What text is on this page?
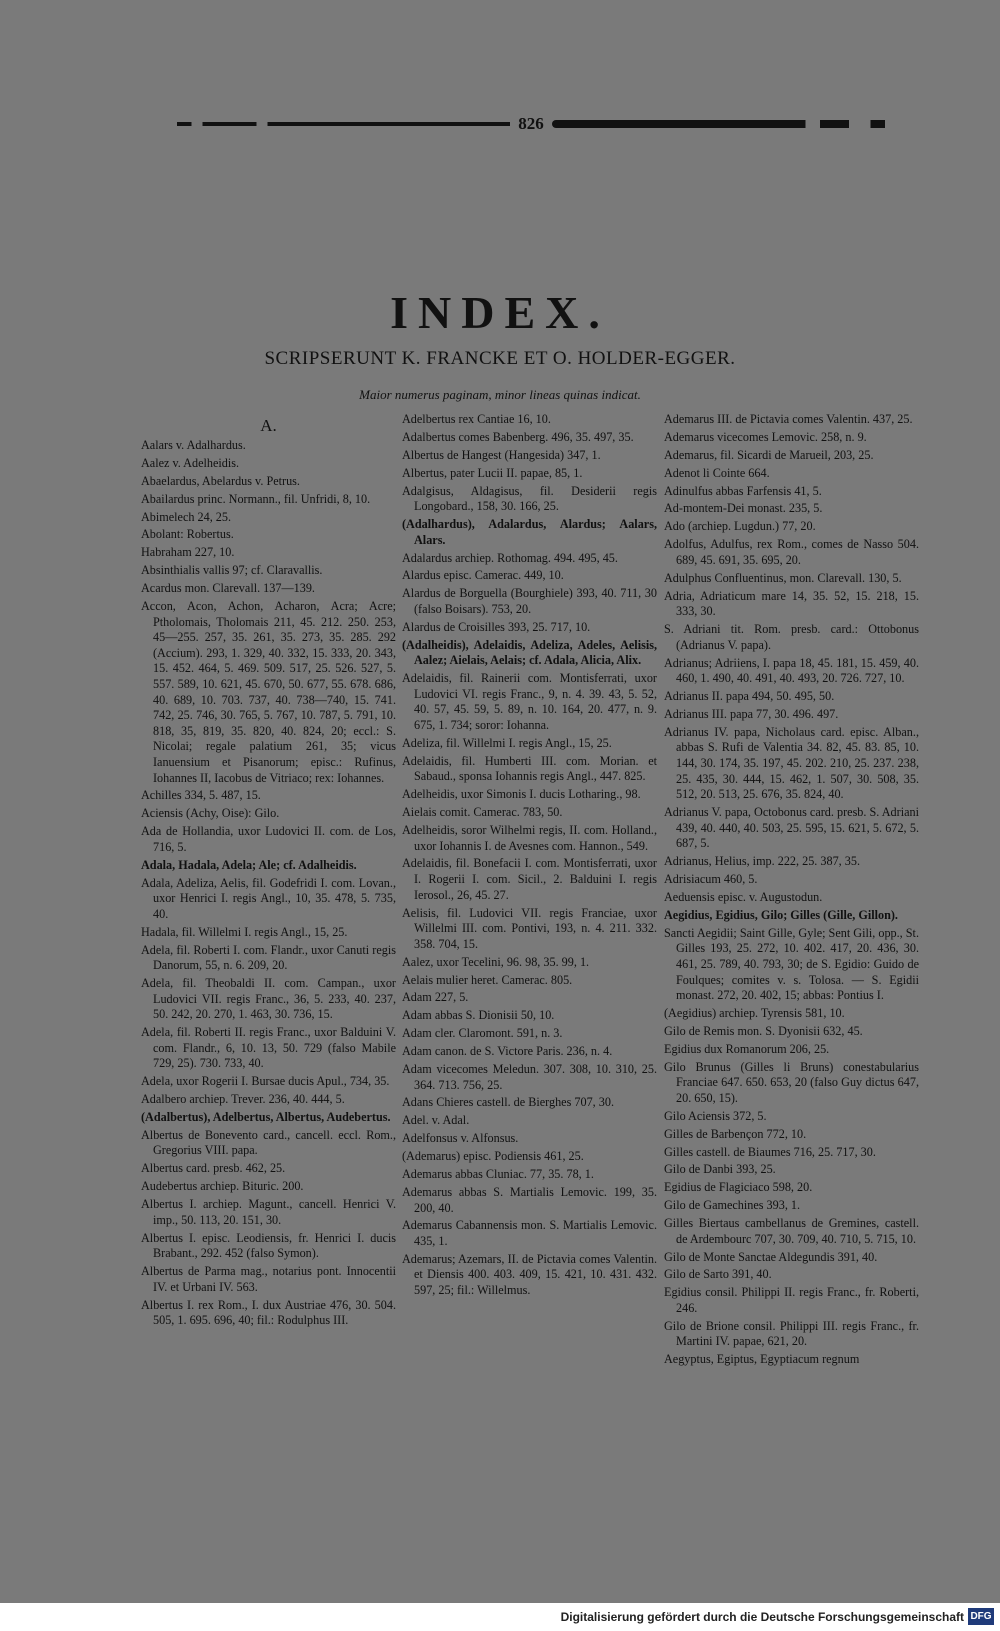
826
INDEX.
SCRIPSERUNT K. FRANCKE ET O. HOLDER-EGGER.
Maior numerus paginam, minor lineas quinas indicat.
A.
Aalars v. Adalhardus.
Aalez v. Adelheidis.
Abaelardus, Abelardus v. Petrus.
Abailardus princ. Normann., fil. Unfridi, 8, 10.
Abimelech 24, 25.
Abolant: Robertus.
Habraham 227, 10.
Absinthialis vallis 97; cf. Claravallis.
Acardus mon. Clarevall. 137—139.
Accon, Acon, Achon, Acharon, Acra; Acre; Ptholomais, Tholomais 211, 45. 212. 250. 253, 45—255. 257, 35. 261, 35. 273, 35. 285. 292 (Accium). 293, 1. 329, 40. 332, 15. 333, 20. 343, 15. 452. 464, 5. 469. 509. 517, 25. 526. 527, 5. 557. 589, 10. 621, 45. 670, 50. 677, 55. 678. 686, 40. 689, 10. 703. 737, 40. 738—740, 15. 741. 742, 25. 746, 30. 765, 5. 767, 10. 787, 5. 791, 10. 818, 35, 819, 35. 820, 40. 824, 20; eccl.: S. Nicolai; regale palatium 261, 35; vicus Ianuensium et Pisanorum; episc.: Rufinus, Iohannes II, Iacobus de Vitriaco; rex: Iohannes.
Achilles 334, 5. 487, 15.
Aciensis (Achy, Oise): Gilo.
Ada de Hollandia, uxor Ludovici II. com. de Los, 716, 5.
Adala, Hadala, Adela; Ale; cf. Adalheidis.
Adala, Adeliza, Aelis, fil. Godefridi I. com. Lovan., uxor Henrici I. regis Angl., 10, 35. 478, 5. 735, 40.
Hadala, fil. Willelmi I. regis Angl., 15, 25.
Adela, fil. Roberti I. com. Flandr., uxor Canuti regis Danorum, 55, n. 6. 209, 20.
Adela, fil. Theobaldi II. com. Campan., uxor Ludovici VII. regis Franc., 36, 5. 233, 40. 237, 50. 242, 20. 270, 1. 463, 30. 736, 15.
Adela, fil. Roberti II. regis Franc., uxor Balduini V. com. Flandr., 6, 10. 13, 50. 729 (falso Mabile 729, 25). 730. 733, 40.
Adela, uxor Rogerii I. Bursae ducis Apul., 734, 35.
Adalbero archiep. Trever. 236, 40. 444, 5.
(Adalbertus), Adelbertus, Albertus, Audebertus.
Albertus de Bonevento card., cancell. eccl. Rom., Gregorius VIII. papa.
Albertus card. presb. 462, 25.
Audebertus archiep. Bituric. 200.
Albertus I. archiep. Magunt., cancell. Henrici V. imp., 50. 113, 20. 151, 30.
Albertus I. episc. Leodiensis, fr. Henrici I. ducis Brabant., 292. 452 (falso Symon).
Albertus de Parma mag., notarius pont. Innocentii IV. et Urbani IV. 563.
Albertus I. rex Rom., I. dux Austriae 476, 30. 504. 505, 1. 695. 696, 40; fil.: Rodulphus III.
Adelbertus rex Cantiae 16, 10.
Adalbertus comes Babenberg. 496, 35. 497, 35.
Albertus de Hangest (Hangesida) 347, 1.
Albertus, pater Lucii II. papae, 85, 1.
Adalgisus, Aldagisus, fil. Desiderii regis Longobard., 158, 30. 166, 25.
(Adalhardus), Adalardus, Alardus; Aalars, Alars.
Adalardus archiep. Rothomag. 494. 495, 45.
Alardus episc. Camerac. 449, 10.
Alardus de Borguella (Bourghiele) 393, 40. 711, 30 (falso Boisars). 753, 20.
Alardus de Croisilles 393, 25. 717, 10.
(Adalheidis), Adelaidis, Adeliza, Adeles, Aelisis, Aalez; Aielais, Aelais; cf. Adala, Alicia, Alix.
Adelaidis, fil. Rainerii com. Montisferrati, uxor Ludovici VI. regis Franc., 9, n. 4. 39. 43, 5. 52, 40. 57, 45. 59, 5. 89, n. 10. 164, 20. 477, n. 9. 675, 1. 734; soror: Iohanna.
Adeliza, fil. Willelmi I. regis Angl., 15, 25.
Adelaidis, fil. Humberti III. com. Morian. et Sabaud., sponsa Iohannis regis Angl., 447. 825.
Adelheidis, uxor Simonis I. ducis Lotharing., 98.
Aielais comit. Camerac. 783, 50.
Adelheidis, soror Wilhelmi regis, II. com. Holland., uxor Iohannis I. de Avesnes com. Hannon., 549.
Adelaidis, fil. Bonefacii I. com. Montisferrati, uxor I. Rogerii I. com. Sicil., 2. Balduini I. regis Ierosol., 26, 45. 27.
Aelisis, fil. Ludovici VII. regis Franciae, uxor Willelmi III. com. Pontivi, 193, n. 4. 211. 332. 358. 704, 15.
Aalez, uxor Tecelini, 96. 98, 35. 99, 1.
Aelais mulier heret. Camerac. 805.
Adam 227, 5.
Adam abbas S. Dionisii 50, 10.
Adam cler. Claromont. 591, n. 3.
Adam canon. de S. Victore Paris. 236, n. 4.
Adam vicecomes Meledun. 307. 308, 10. 310, 25. 364. 713. 756, 25.
Adans Chieres castell. de Bierghes 707, 30.
Adel. v. Adal.
Adelfonsus v. Alfonsus.
(Ademarus) episc. Podiensis 461, 25.
Ademarus abbas Cluniac. 77, 35. 78, 1.
Ademarus abbas S. Martialis Lemovic. 199, 35. 200, 40.
Ademarus Cabannensis mon. S. Martialis Lemovic. 435, 1.
Ademarus; Azemars, II. de Pictavia comes Valentin. et Diensis 400. 403. 409, 15. 421, 10. 431. 432. 597, 25; fil.: Willelmus.
Ademarus III. de Pictavia comes Valentin. 437, 25.
Ademarus vicecomes Lemovic. 258, n. 9.
Ademarus, fil. Sicardi de Marueil, 203, 25.
Adenot li Cointe 664.
Adinulfus abbas Farfensis 41, 5.
Ad-montem-Dei monast. 235, 5.
Ado (archiep. Lugdun.) 77, 20.
Adolfus, Adulfus, rex Rom., comes de Nasso 504. 689, 45. 691, 35. 695, 20.
Adulphus Confluentinus, mon. Clarevall. 130, 5.
Adria, Adriaticum mare 14, 35. 52, 15. 218, 15. 333, 30.
S. Adriani tit. Rom. presb. card.: Ottobonus (Adrianus V. papa).
Adrianus; Adriiens, I. papa 18, 45. 181, 15. 459, 40. 460, 1. 490, 40. 491, 40. 493, 20. 726. 727, 10.
Adrianus II. papa 494, 50. 495, 50.
Adrianus III. papa 77, 30. 496. 497.
Adrianus IV. papa, Nicholaus card. episc. Alban., abbas S. Rufi de Valentia 34. 82, 45. 83. 85, 10. 144, 30. 174, 35. 197, 45. 202. 210, 25. 237. 238, 25. 435, 30. 444, 15. 462, 1. 507, 30. 508, 35. 512, 20. 513, 25. 676, 35. 824, 40.
Adrianus V. papa, Octobonus card. presb. S. Adriani 439, 40. 440, 40. 503, 25. 595, 15. 621, 5. 672, 5. 687, 5.
Adrianus, Helius, imp. 222, 25. 387, 35.
Adrisiacum 460, 5.
Aeduensis episc. v. Augustodun.
Aegidius, Egidius, Gilo; Gilles (Gille, Gillon).
Sancti Aegidii; Saint Gille, Gyle; Sent Gili, opp., St. Gilles 193, 25. 272, 10. 402. 417, 20. 436, 30. 461, 25. 789, 40. 793, 30; de S. Egidio: Guido de Foulques; comites v. s. Tolosa. — S. Egidii monast. 272, 20. 402, 15; abbas: Pontius I.
(Aegidius) archiep. Tyrensis 581, 10.
Gilo de Remis mon. S. Dyonisii 632, 45.
Egidius dux Romanorum 206, 25.
Gilo Brunus (Gilles li Bruns) conestabularius Franciae 647. 650. 653, 20 (falso Guy dictus 647, 20. 650, 15).
Gilo Aciensis 372, 5.
Gilles de Barbençon 772, 10.
Gilles castell. de Biaumes 716, 25. 717, 30.
Gilo de Danbi 393, 25.
Egidius de Flagiciaco 598, 20.
Gilo de Gamechines 393, 1.
Gilles Biertaus cambellanus de Gremines, castell. de Ardembourc 707, 30. 709, 40. 710, 5. 715, 10.
Gilo de Monte Sanctae Aldegundis 391, 40.
Gilo de Sarto 391, 40.
Egidius consil. Philippi II. regis Franc., fr. Roberti, 246.
Gilo de Brione consil. Philippi III. regis Franc., fr. Martini IV. papae, 621, 20.
Aegyptus, Egiptus, Egyptiacum regnum
Digitalisierung gefördert durch die Deutsche Forschungsgemeinschaft DFG
